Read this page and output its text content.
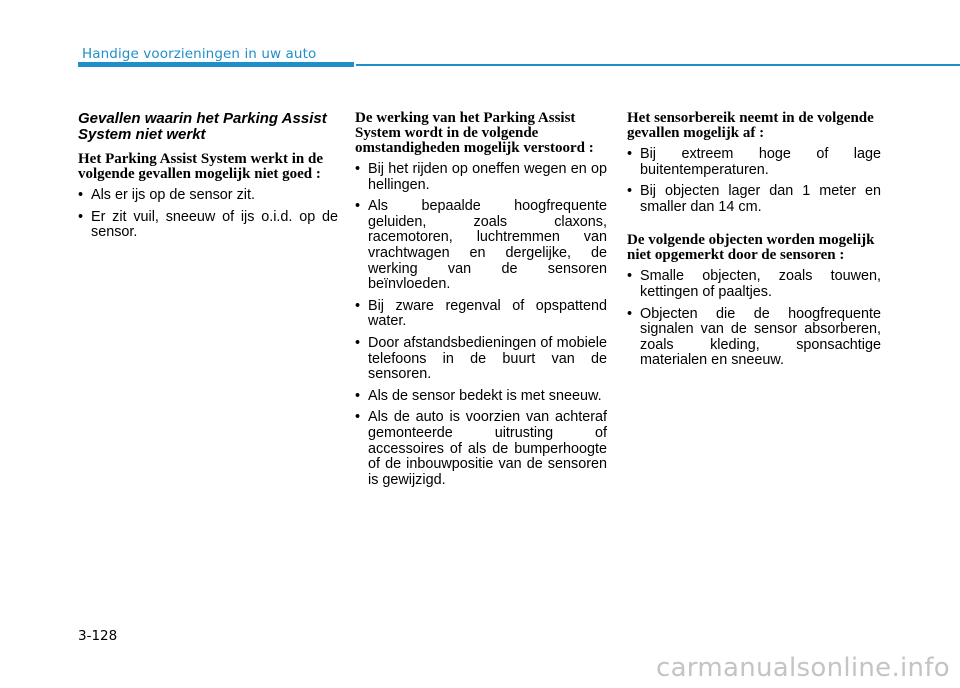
Handige voorzieningen in uw auto
Gevallen waarin het Parking Assist System niet werkt
Het Parking Assist System werkt in de volgende gevallen mogelijk niet goed :
• Als er ijs op de sensor zit.
• Er zit vuil, sneeuw of ijs o.i.d. op de sensor.
De werking van het Parking Assist System wordt in de volgende omstandigheden mogelijk verstoord :
• Bij het rijden op oneffen wegen en op hellingen.
• Als bepaalde hoogfrequente geluiden, zoals claxons, racemotoren, luchtremmen van vrachtwagen en dergelijke, de werking van de sensoren beïnvloeden.
• Bij zware regenval of opspattend water.
• Door afstandsbedieningen of mobiele telefoons in de buurt van de sensoren.
• Als de sensor bedekt is met sneeuw.
• Als de auto is voorzien van achteraf gemonteerde uitrusting of accessoires of als de bumperhoogte of de inbouwpositie van de sensoren is gewijzigd.
Het sensorbereik neemt in de volgende gevallen mogelijk af :
• Bij extreem hoge of lage buitentemperaturen.
• Bij objecten lager dan 1 meter en smaller dan 14 cm.
De volgende objecten worden mogelijk niet opgemerkt door de sensoren :
• Smalle objecten, zoals touwen, kettingen of paaltjes.
• Objecten die de hoogfrequente signalen van de sensor absorberen, zoals kleding, sponsachtige materialen en sneeuw.
3-128
carmanualsonline.info
